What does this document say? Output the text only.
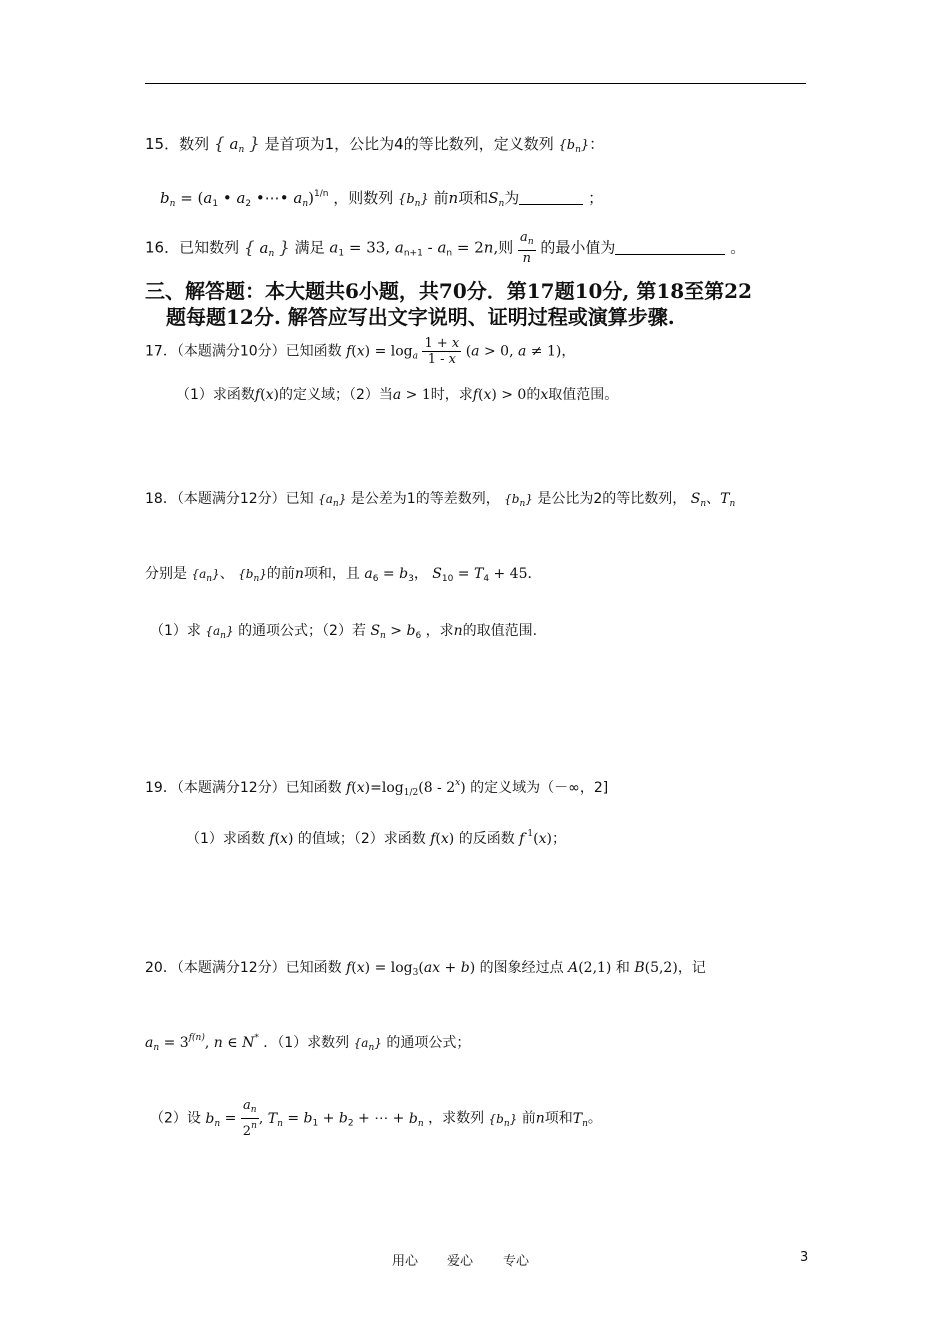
15．数列 { $a_n$ } 是首项为1，公比为4的等比数列，定义数列 $\{b_n\}$：
$b_n = (a_1$ • $a_2$ •⋯• $a_n)^{1/n}$ ，则数列 $\{b_n\}$ 前n项和$S_n$为	；
16．已知数列 { $a_n$ } 满足 $a_1 = 33$, $a_{n+1} - a_n = 2n$,则 $\frac{a_n}{n}$ 的最小值为	。
三、解答题：本大题共6小题，共70分．第17题10分, 第18至第22
题每题12分. 解答应写出文字说明、证明过程或演算步骤.
17．（本题满分10分）已知函数 $f(x) = \log_a \frac{1 + x}{1 - x} (a > 0$, a ≠ 1)，
（1）求函数f(x)的定义域；（2）当a > 1时，求f(x) > 0的x取值范围。
18．（本题满分12分）已知 $\{a_n\}$ 是公差为1的等差数列， $\{b_n\}$ 是公比为2的等比数列， $S_n$、$T_n$
分别是 $\{a_n\}$、 $\{b_n\}$的前n项和，且 $a_6 = b_3$， $S_{10} = T_4 + 45$．
（1）求 $\{a_n\}$ 的通项公式；（2）若 $S_n > b_6$ ，求n的取值范围.
19．（本题满分12分）已知函数 $f(x)=\log_{1/2}(8 - 2^x)$ 的定义域为（－∞，2]
（1）求函数 f(x) 的值域；（2）求函数 f(x) 的反函数 $f^{-1}(x)$；
20．（本题满分12分）已知函数 $f(x) = \log_3(ax + b)$ 的图象经过点 A(2,1) 和 B(5,2)，记
$a_n = 3^{f(n)}$, n ∈ N* ．（1）求数列 $\{a_n\}$ 的通项公式；
（2）设 $b_n = \frac{a_n}{2^n}$ , $T_n = b_1 + b_2$ + ⋯ + $b_n$ ，求数列 $\{b_n\}$ 前n项和$T_n$。
用心 爱心 专心	3
